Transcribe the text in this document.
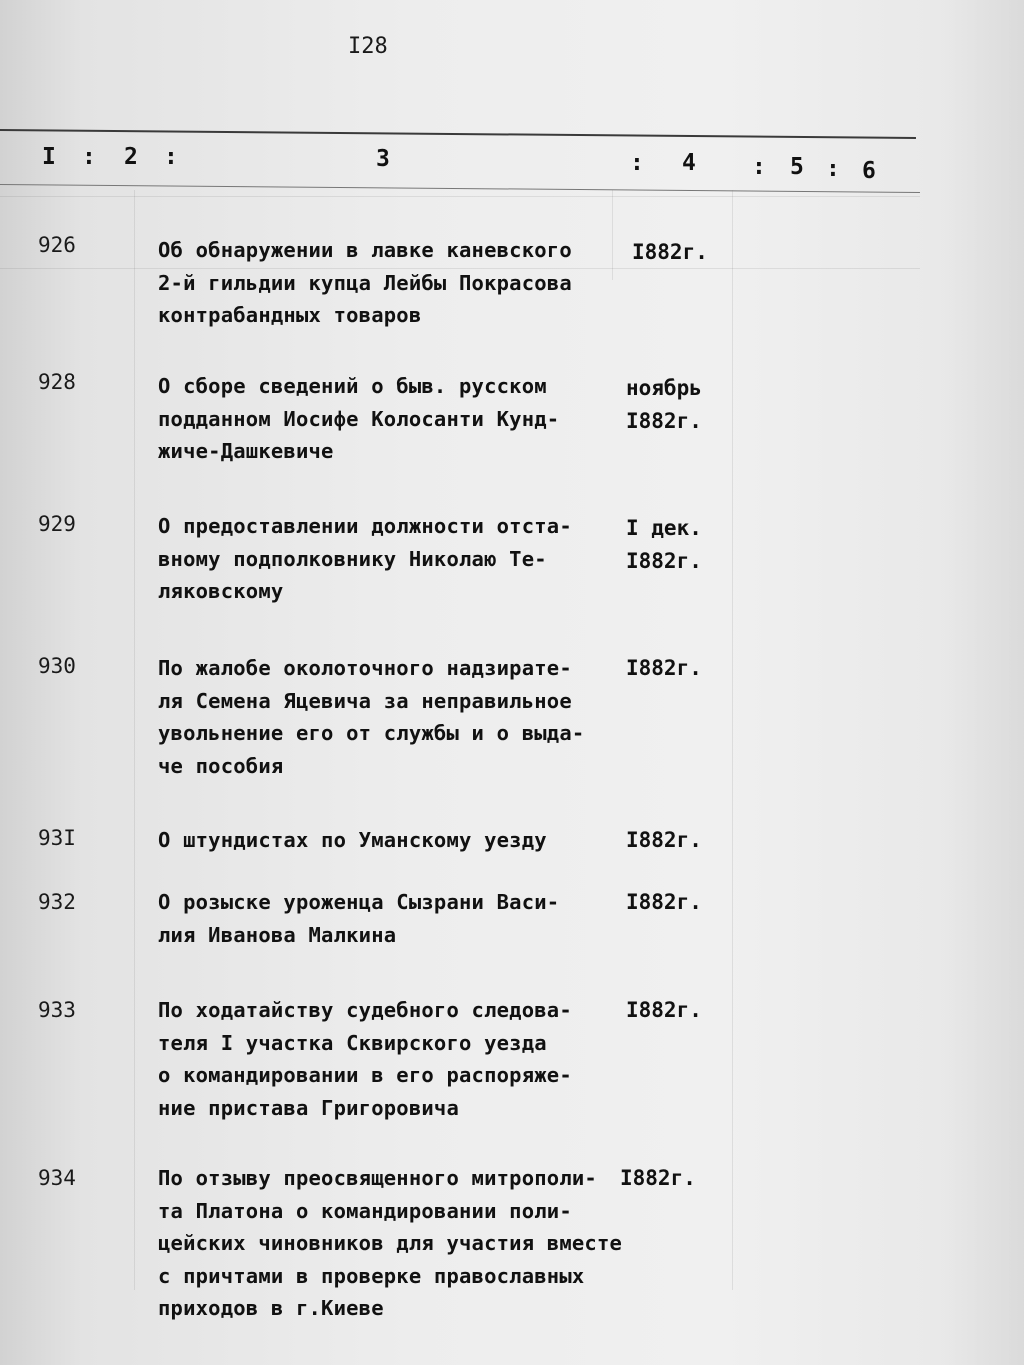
I28
I : 2 :	3	: 4 : 5 : 6
926	Об обнаружении в лавке каневского
2-й гильдии купца Лейбы Покрасова
контрабандных товаров
I882г.
928	О сборе сведений о быв. русском
подданном Иосифе Колосанти Кунд-
жиче-Дашкевиче
ноябрь
I882г.
929	О предоставлении должности отста-
вному подполковнику Николаю Те-
ляковскому
I дек.
I882г.
930	По жалобе околоточного надзирате-
ля Семена Яцевича за неправильное
увольнение его от службы и о выда-
че пособия
I882г.
93I	О штундистах по Уманскому уезду	I882г.
932	О розыске уроженца Сызрани Васи-
лия Иванова Малкина
I882г.
933	По ходатайству судебного следова-
теля I участка Сквирского уезда
о командировании в его распоряже-
ние пристава Григоровича
I882г.
934	По отзыву преосвященного митрополи-
та Платона о командировании поли-
цейских чиновников для участия вместе
с причтами в проверке православных
приходов в г.Киеве
I882г.
